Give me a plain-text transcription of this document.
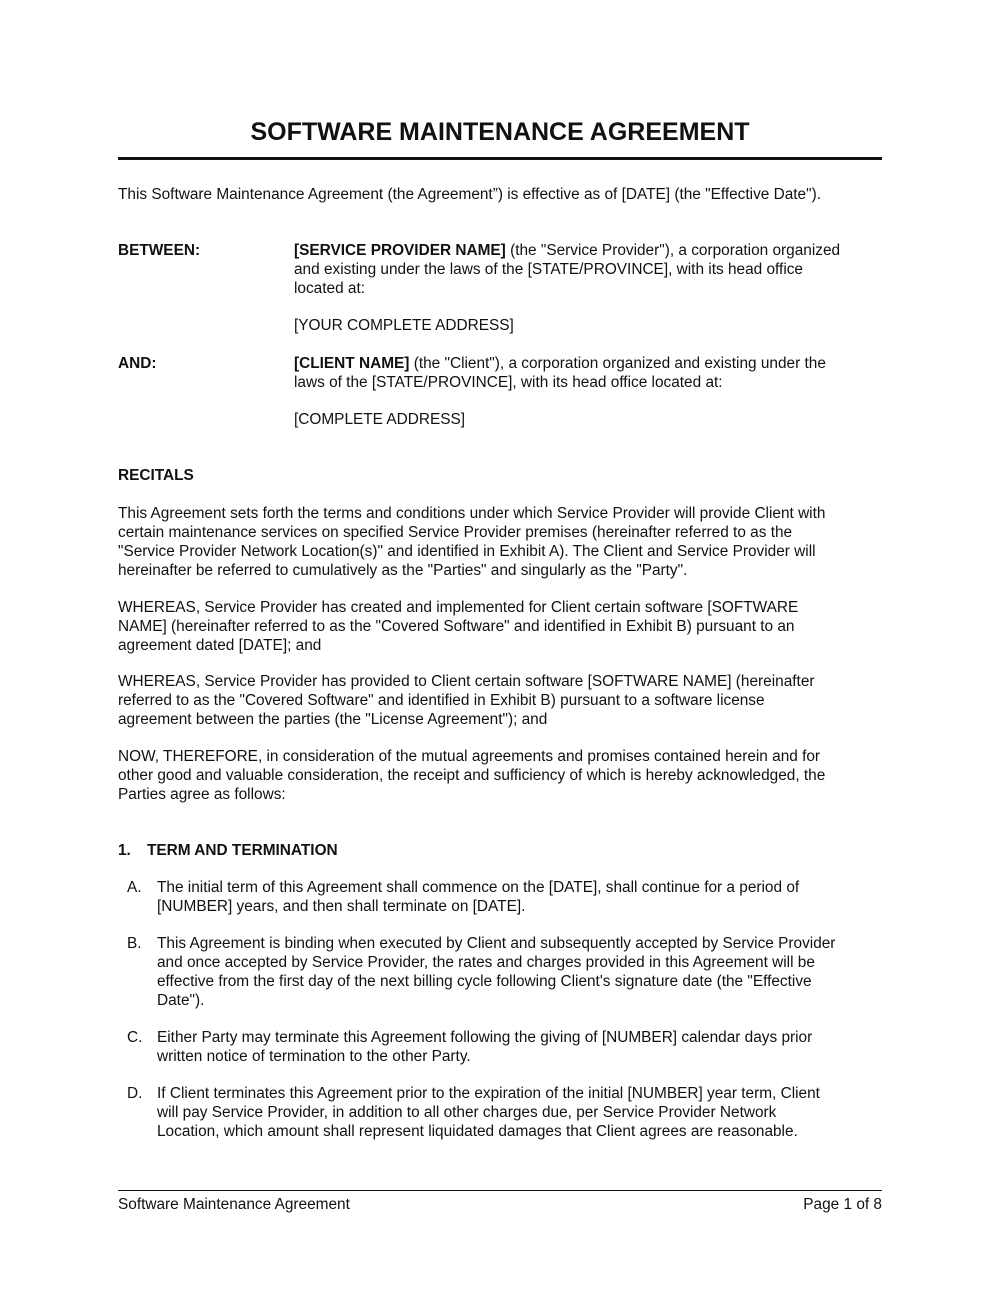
SOFTWARE MAINTENANCE AGREEMENT

This Software Maintenance Agreement (the Agreement”) is effective as of [DATE] (the "Effective Date").

BETWEEN:	[SERVICE PROVIDER NAME] (the "Service Provider"), a corporation organized
and existing under the laws of the [STATE/PROVINCE], with its head office
located at:

[YOUR COMPLETE ADDRESS]

AND:	[CLIENT NAME] (the "Client"), a corporation organized and existing under the
laws of the [STATE/PROVINCE], with its head office located at:

[COMPLETE ADDRESS]

RECITALS

This Agreement sets forth the terms and conditions under which Service Provider will provide Client with
certain maintenance services on specified Service Provider premises (hereinafter referred to as the
"Service Provider Network Location(s)" and identified in Exhibit A). The Client and Service Provider will
hereinafter be referred to cumulatively as the "Parties" and singularly as the "Party".

WHEREAS, Service Provider has created and implemented for Client certain software [SOFTWARE
NAME] (hereinafter referred to as the "Covered Software" and identified in Exhibit B) pursuant to an
agreement dated [DATE]; and

WHEREAS, Service Provider has provided to Client certain software [SOFTWARE NAME] (hereinafter
referred to as the "Covered Software" and identified in Exhibit B) pursuant to a software license
agreement between the parties (the "License Agreement"); and

NOW, THEREFORE, in consideration of the mutual agreements and promises contained herein and for
other good and valuable consideration, the receipt and sufficiency of which is hereby acknowledged, the
Parties agree as follows:

1. TERM AND TERMINATION

A. The initial term of this Agreement shall commence on the [DATE], shall continue for a period of
[NUMBER] years, and then shall terminate on [DATE].

B. This Agreement is binding when executed by Client and subsequently accepted by Service Provider
and once accepted by Service Provider, the rates and charges provided in this Agreement will be
effective from the first day of the next billing cycle following Client's signature date (the "Effective
Date").

C. Either Party may terminate this Agreement following the giving of [NUMBER] calendar days prior
written notice of termination to the other Party.

D. If Client terminates this Agreement prior to the expiration of the initial [NUMBER] year term, Client
will pay Service Provider, in addition to all other charges due, per Service Provider Network
Location, which amount shall represent liquidated damages that Client agrees are reasonable.

Software Maintenance Agreement	Page 1 of 8
